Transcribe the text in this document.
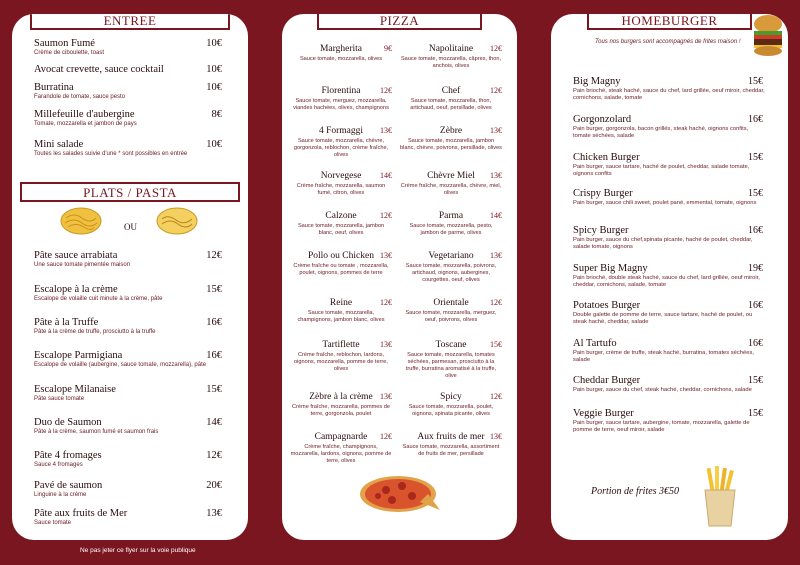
ENTREE
Saumon Fumé	10€
Crème de ciboulette, toast
Avocat crevette, sauce cocktail	10€
Burratina	10€
Farandole de tomate, sauce pesto
Millefeuille d'aubergine	8€
Tomate, mozzarella et jambon de pays
Mini salade	10€
Toutes les salades suivie d'une * sont possibles en entrée
PLATS / PASTA
OU
Pâte sauce arrabiata	12€
Une sauce tomate pimentée maison
Escalope à la crème	15€
Escalope de volaille cuit minute à la crème, pâte
Pâte à la Truffe	16€
Pâte à la crème de truffe, prosciutto à la truffe
Escalope Parmigiana	16€
Escalope de volaille (aubergine, sauce tomate, mozzarella), pâte
Escalope Milanaise	15€
Pâte sauce tomate
Duo de Saumon	14€
Pâte à la crème, saumon fumé et saumon frais
Pâte 4 fromages	12€
Sauce 4 fromages
Pavé de saumon	20€
Linguine à la crème
Pâte aux fruits de Mer	13€
Sauce tomate
Ne pas jeter ce flyer sur la voie publique
PIZZA
Margherita	9€
Sauce tomate, mozzarella, olives
Florentina	12€
Sauce tomate, merguez, mozzarella, viandes hachées, olives, champignons
4 Formaggi	13€
Sauce tomate, mozzarella, chèvre, gorgonzola, reblochon, crème fraîche, olives
Norvegese	14€
Crème fraîche, mozzarella, saumon fumé, citron, olives
Calzone	12€
Sauce tomate, mozzarella, jambon blanc, oeuf, olives
Pollo ou Chicken 13€
Crème fraîche ou tomate , mozzarella, poulet, oignons, pommes de terre
Reine	12€
Sauce tomate, mozzarella, champignons, jambon blanc, olives
Tartiflette	13€
Crème fraîche, reblochon, lardons, oignons, mozzarella, pomme de terre, olives
Zèbre à la crème 13€
Crème fraîche, mozzarella, pommes de terre, gorgonzola, poulet
Campagnarde	12€
Crème fraîche, champignons, mozzarella, lardons, oignons, pomme de terre, olives
Napolitaine	12€
Sauce tomate, mozzarella, câpres, thon, anchois, olives
Chef	12€
Sauce tomate, mozzarella, thon, artichaud, oeuf, persillade, olives
Zèbre	13€
Sauce tomate, mozzarella, jambon blanc, chèvre, poivrons, persillade, olives
Chèvre Miel	13€
Crème fraîche, mozzarella, chèvre, miel, olives
Parma	14€
Sauce tomate, mozzarella, pesto, jambon de parme, olives
Vegetariano	13€
Sauce tomate, mozzarella, poivrons, artichaud, oignons, aubergines, courgettes, oeuf, olives
Orientale	12€
Sauce tomate, mozzarella, merguez, oeuf, poivrons, olives
Toscane	15€
Sauce tomate, mozzarella, tomates séchées, parmesan, prosciutto à la truffe, burratina aromatisé à la truffe, olive
Spicy	12€
Sauce tomate, mozzarella, poulet, oignons, spinata picante, olives
Aux fruits de mer 13€
Sauce tomate, mozzarella, assortiment de fruits de mer, persillade
HOMEBURGER
Tous nos burgers sont accompagnés de frites maison !
Big Magny	15€
Pain brioché, steak haché, sauce du chef, lard grillée, oeuf miroir, cheddar, cornichons, salade, tomate
Gorgonzolard	16€
Pain burger, gorgonzola, bacon grillés, steak haché, oignons confits, tomate séchées, salade
Chicken Burger	15€
Pain burger, sauce tartare, haché de poulet, cheddar, salade tomate, oignons confits
Crispy Burger	15€
Pain burger, sauce chili sweet, poulet pané, emmental, tomate, oignons
Spicy Burger	16€
Pain burger, sauce du chef,spinata picante, haché de poulet, cheddar, salade tomate, oignons
Super Big Magny	19€
Pain brioché, double steak haché, sauce du chef, lard grillée, oeuf miroir, cheddar, cornichons, salade, tomate
Potatoes Burger	16€
Double galette de pomme de terre, sauce tartare, haché de poulet, ou steak haché, cheddar, salade
Al Tartufo	16€
Pain burger, crème de truffe, steak haché, burratina, tomates séchées, salade
Cheddar Burger	15€
Pain burger, sauce du chef, steak haché, cheddar, cornichons, salade
Veggie Burger	15€
Pain burger, sauce tartare, aubergine, tomate, mozzarella, galette de pomme de terre, oeuf miroir, salade
Portion de frites 3€50
